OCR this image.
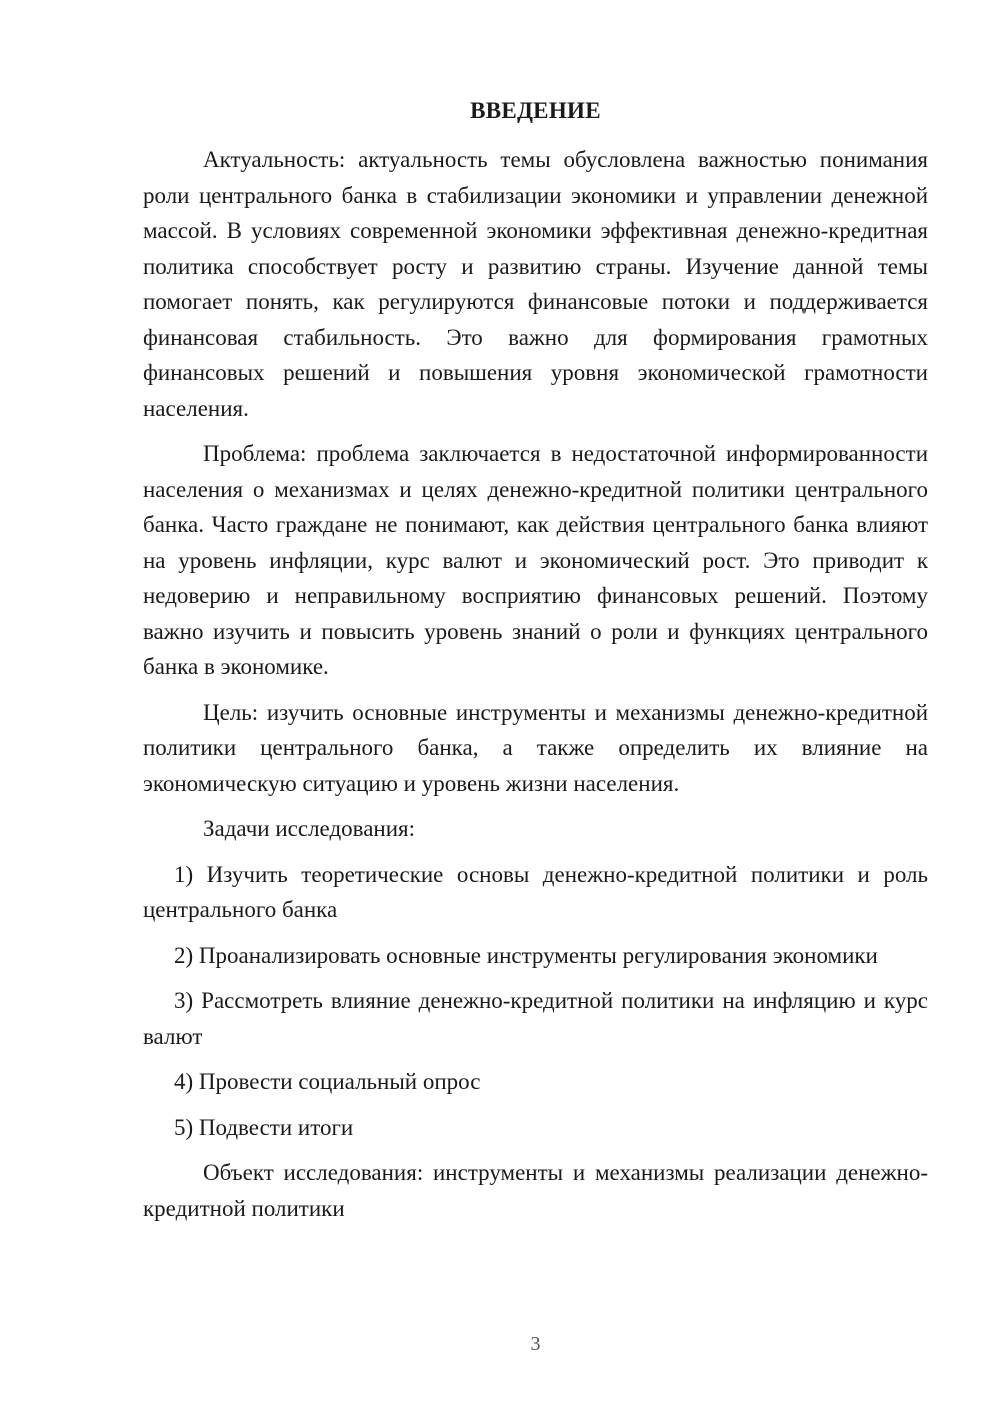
ВВЕДЕНИЕ

Актуальность: актуальность темы обусловлена важностью понимания роли центрального банка в стабилизации экономики и управлении денежной массой. В условиях современной экономики эффективная денежно-кредитная политика способствует росту и развитию страны. Изучение данной темы помогает понять, как регулируются финансовые потоки и поддерживается финансовая стабильность. Это важно для формирования грамотных финансовых решений и повышения уровня экономической грамотности населения.

Проблема: проблема заключается в недостаточной информированности населения о механизмах и целях денежно-кредитной политики центрального банка. Часто граждане не понимают, как действия центрального банка влияют на уровень инфляции, курс валют и экономический рост. Это приводит к недоверию и неправильному восприятию финансовых решений. Поэтому важно изучить и повысить уровень знаний о роли и функциях центрального банка в экономике.

Цель: изучить основные инструменты и механизмы денежно-кредитной политики центрального банка, а также определить их влияние на экономическую ситуацию и уровень жизни населения.

Задачи исследования:

1) Изучить теоретические основы денежно-кредитной политики и роль центрального банка

2) Проанализировать основные инструменты регулирования экономики

3) Рассмотреть влияние денежно-кредитной политики на инфляцию и курс валют

4) Провести социальный опрос

5) Подвести итоги

Объект исследования: инструменты и механизмы реализации денежно-кредитной политики

3
